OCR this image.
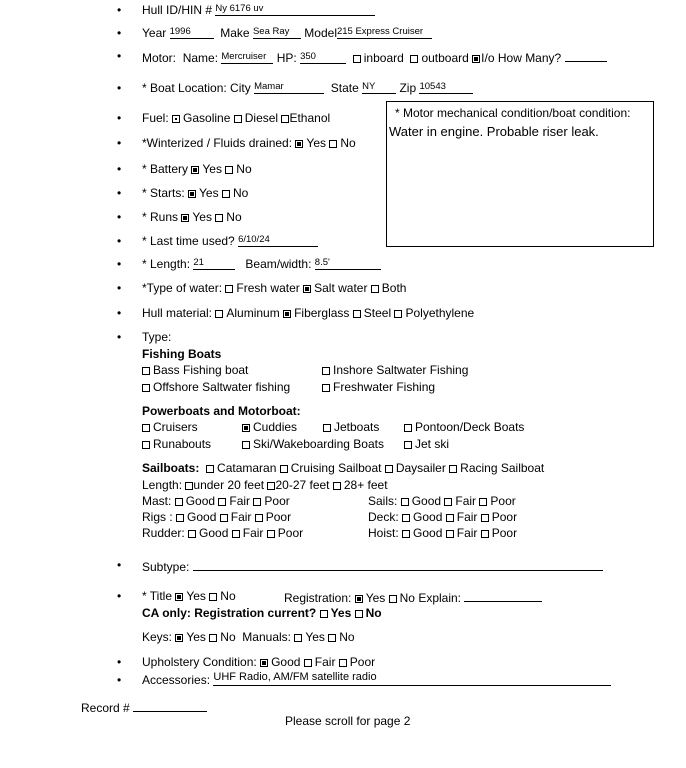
• Hull ID/HIN # $^{Ny 6176 uv}$
• Year $^{1996}$ Make $^{Sea Ray}$ Model$^{215 Express Cruiser}$
• Motor: Name: $^{Mercruiser}$ HP: $^{350}$	inboard outboard I/o How Many?
• * Boat Location: City $^{Mamar}$	State $^{NY}$ Zip $^{10543}$
• Fuel: Gasoline Diesel Ethanol	* Motor mechanical condition/boat condition:
Water in engine. Probable riser leak.
• *Winterized / Fluids drained: Yes No
• * Battery Yes No
• * Starts: Yes No
• * Runs Yes No
• * Last time used? $^{6/10/24}$
• * Length: $^{21}$	Beam/width: $^{8.5'}$
• *Type of water: Fresh water Salt water Both
• Hull material: Aluminum Fiberglass Steel Polyethylene
• Type:
Fishing Boats
Bass Fishing boat	Inshore Saltwater Fishing
Offshore Saltwater fishing	Freshwater Fishing
Powerboats and Motorboat:
Cruisers	Cuddies	Jetboats	Pontoon/Deck Boats
Runabouts	Ski/Wakeboarding Boats	Jet ski
Sailboats: Catamaran Cruising Sailboat Daysailer Racing Sailboat
Length: under 20 feet 20-27 feet 28+ feet
Mast: Good Fair Poor	Sails: Good Fair Poor
Rigs : Good Fair Poor	Deck: Good Fair Poor
Rudder: Good Fair Poor	Hoist: Good Fair Poor
• Subtype:
• * Title Yes No	Registration: Yes No Explain:
CA only: Registration current? Yes No
Keys: Yes No Manuals: Yes No
• Upholstery Condition: Good Fair Poor
• Accessories: UHF Radio, AM/FM satellite radio
Record #
Please scroll for page 2
